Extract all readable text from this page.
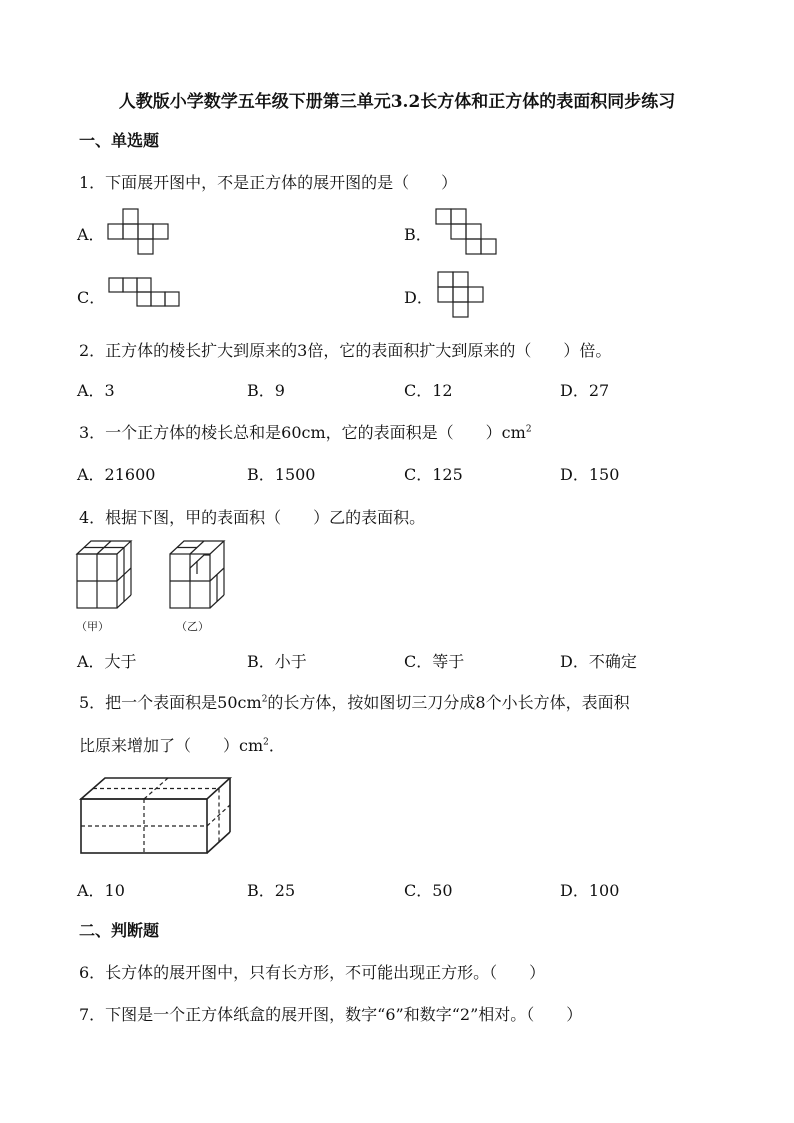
人教版小学数学五年级下册第三单元3.2长方体和正方体的表面积同步练习
一、单选题
1．下面展开图中，不是正方体的展开图的是（　　）
A．	B．
C．	D．
2．正方体的棱长扩大到原来的3倍，它的表面积扩大到原来的（　　）倍。
A．3	B．9	C．12	D．27
3．一个正方体的棱长总和是60cm，它的表面积是（　　）$cm^2$
A．21600	B．1500	C．125	D．150
4．根据下图，甲的表面积（　　）乙的表面积。
（甲）	（乙）
A．大于	B．小于	C．等于	D．不确定
5．把一个表面积是$50cm^2$的长方体，按如图切三刀分成8个小长方体，表面积
比原来增加了（　　）$cm^2$．
A．10	B．25	C．50	D．100
二、判断题
6．长方体的展开图中，只有长方形，不可能出现正方形。（　　）
7．下图是一个正方体纸盒的展开图，数字“6”和数字“2”相对。（　　）
